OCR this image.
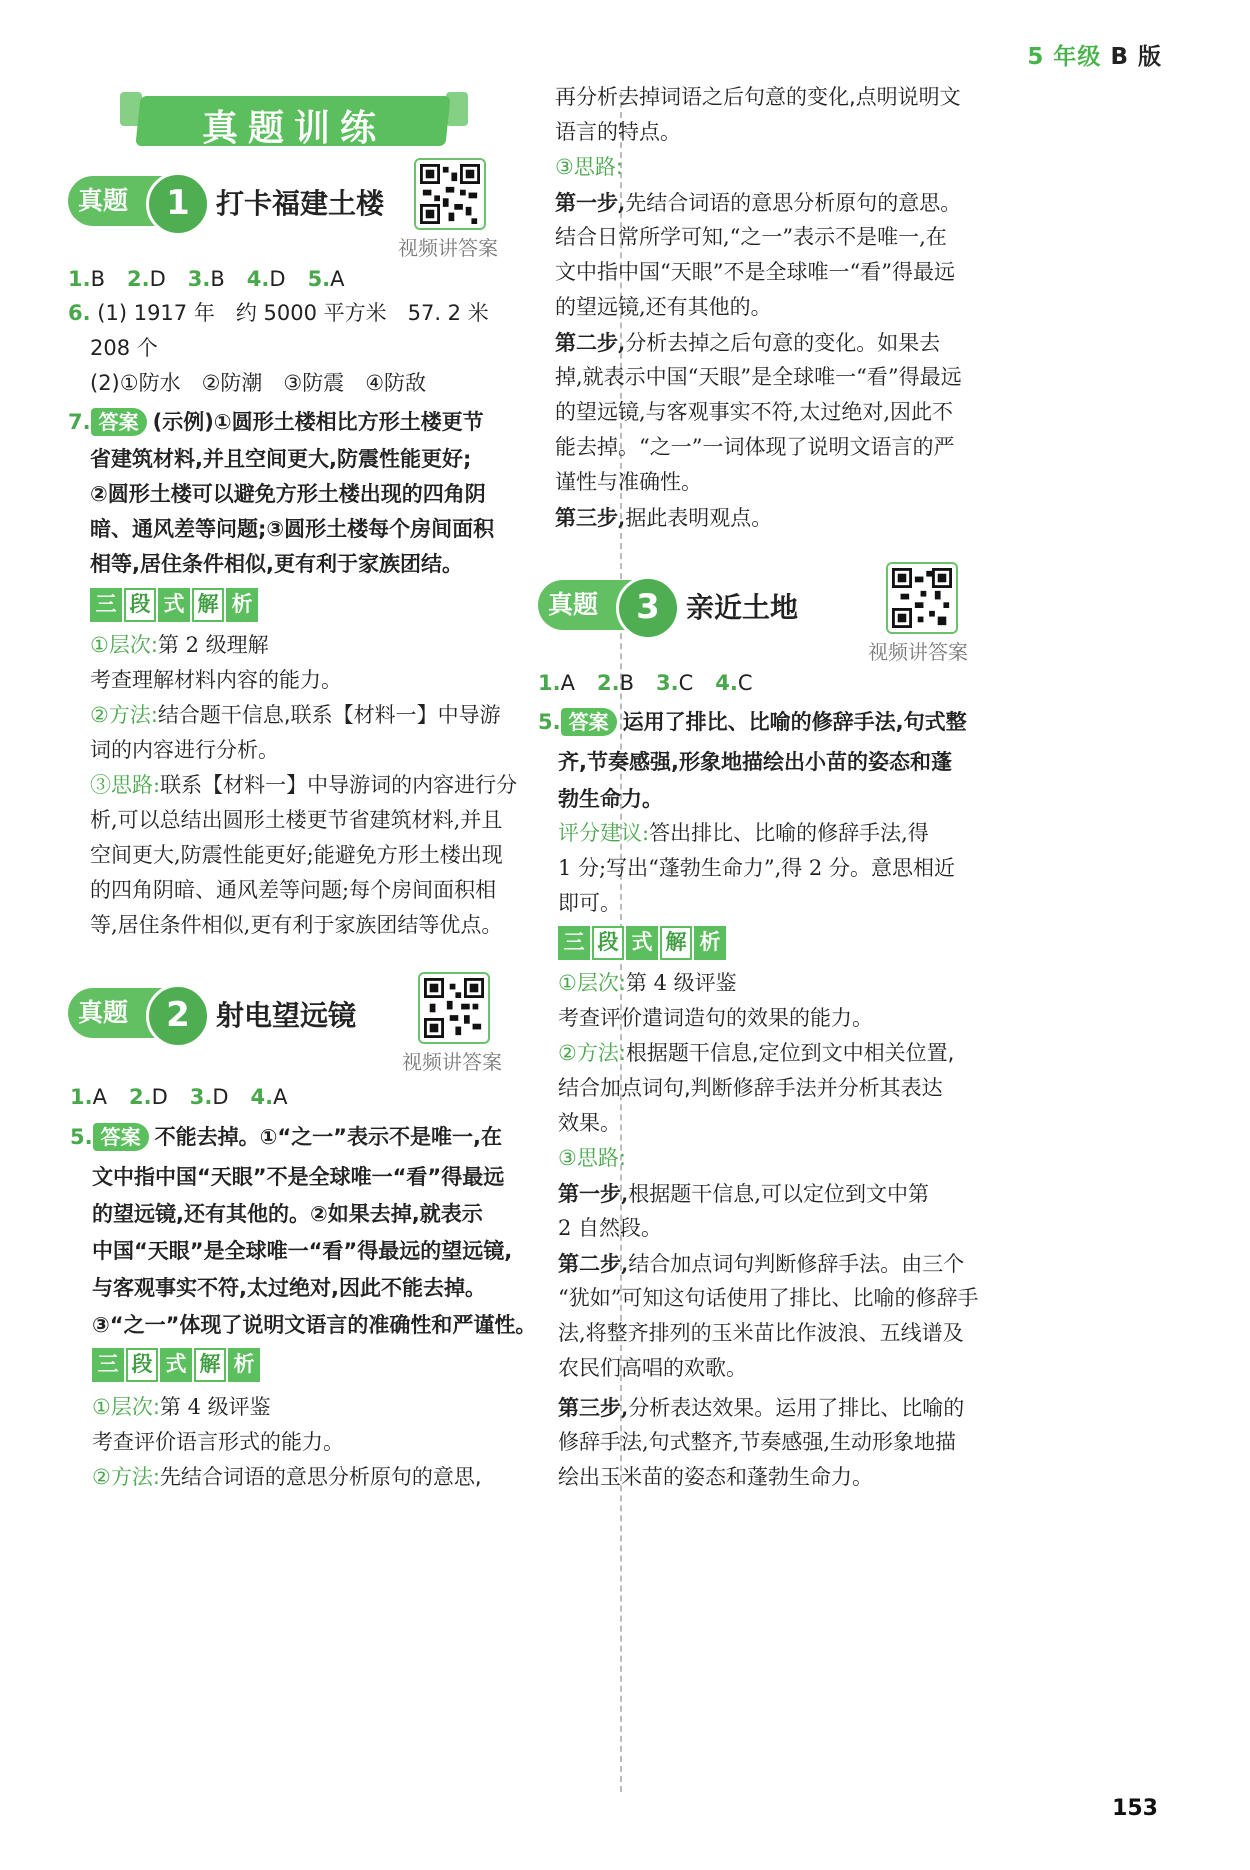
5 年级 B 版
真题训练
真题	1 打卡福建土楼
视频讲答案
1.B 2.D 3.B 4.D 5.A
6. (1) 1917 年　约 5000 平方米　57. 2 米
208 个
(2)①防水　②防潮　③防震　④防敌
7. 答案 (示例)①圆形土楼相比方形土楼更节
省建筑材料,并且空间更大,防震性能更好;
②圆形土楼可以避免方形土楼出现的四角阴
暗、通风差等问题;③圆形土楼每个房间面积
相等,居住条件相似,更有利于家族团结。
三 段 式 解 析
①层次:第 2 级理解
考查理解材料内容的能力。
②方法:结合题干信息,联系【材料一】中导游
词的内容进行分析。
③思路:联系【材料一】中导游词的内容进行分
析,可以总结出圆形土楼更节省建筑材料,并且
空间更大,防震性能更好;能避免方形土楼出现
的四角阴暗、通风差等问题;每个房间面积相
等,居住条件相似,更有利于家族团结等优点。
真题	2 射电望远镜
视频讲答案
1.A 2.D 3.D 4.A
5. 答案 不能去掉。①“之一”表示不是唯一,在
文中指中国“天眼”不是全球唯一“看”得最远
的望远镜,还有其他的。②如果去掉,就表示
中国“天眼”是全球唯一“看”得最远的望远镜,
与客观事实不符,太过绝对,因此不能去掉。
③“之一”体现了说明文语言的准确性和严谨性。
三 段 式 解 析
①层次:第 4 级评鉴
考查评价语言形式的能力。
②方法:先结合词语的意思分析原句的意思,
再分析去掉词语之后句意的变化,点明说明文
语言的特点。
③思路:
第一步,先结合词语的意思分析原句的意思。
结合日常所学可知,“之一”表示不是唯一,在
文中指中国“天眼”不是全球唯一“看”得最远
的望远镜,还有其他的。
第二步,分析去掉之后句意的变化。如果去
掉,就表示中国“天眼”是全球唯一“看”得最远
的望远镜,与客观事实不符,太过绝对,因此不
能去掉。“之一”一词体现了说明文语言的严
谨性与准确性。
第三步,据此表明观点。
真题	3 亲近土地
视频讲答案
1.A 2.B 3.C 4.C
5. 答案 运用了排比、比喻的修辞手法,句式整
齐,节奏感强,形象地描绘出小苗的姿态和蓬
勃生命力。
评分建议:答出排比、比喻的修辞手法,得
1 分;写出“蓬勃生命力”,得 2 分。意思相近
即可。
三 段 式 解 析
①层次:第 4 级评鉴
考查评价遣词造句的效果的能力。
②方法:根据题干信息,定位到文中相关位置,
结合加点词句,判断修辞手法并分析其表达
效果。
③思路:
第一步,根据题干信息,可以定位到文中第
2 自然段。
第二步,结合加点词句判断修辞手法。由三个
“犹如”可知这句话使用了排比、比喻的修辞手
法,将整齐排列的玉米苗比作波浪、五线谱及
农民们高唱的欢歌。
第三步,分析表达效果。运用了排比、比喻的
修辞手法,句式整齐,节奏感强,生动形象地描
绘出玉米苗的姿态和蓬勃生命力。
153
